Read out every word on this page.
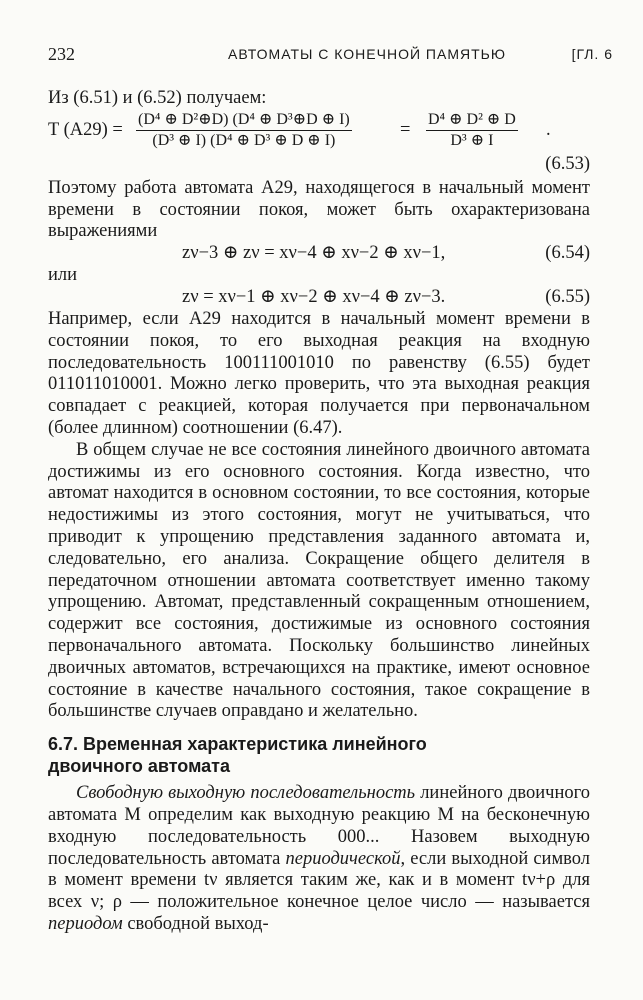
232	АВТОМАТЫ С КОНЕЧНОЙ ПАМЯТЬЮ	[ГЛ. 6

Из (6.51) и (6.52) получаем:

T $(A29) = \frac{\text{(D⁴ ⊕ D²⊕D) (D⁴ ⊕ D³⊕D ⊕ I)}}{\text{(D³ ⊕ I) (D⁴ ⊕ D³ ⊕ D ⊕ I)}}$	= $\frac{\text{D⁴ ⊕ D² ⊕ D}}{\text{D³ ⊕ I}}$ .
(6.53)

Поэтому работа автомата A29, находящегося в начальный момент времени в состоянии покоя, может быть охарактеризована выражениями

zν−3 ⊕ zν = xν−4 ⊕ xν−2 ⊕ xν−1,	(6.54)

или

zν = xν−1 ⊕ xν−2 ⊕ xν−4 ⊕ zν−3.	(6.55)

Например, если A29 находится в начальный момент времени в состоянии покоя, то его выходная реакция на входную последовательность 100111001010 по равенству (6.55) будет 011011010001. Можно легко проверить, что эта выходная реакция совпадает с реакцией, которая получается при первоначальном (более длинном) соотношении (6.47).

В общем случае не все состояния линейного двоичного автомата достижимы из его основного состояния. Когда известно, что автомат находится в основном состоянии, то все состояния, которые недостижимы из этого состояния, могут не учитываться, что приводит к упрощению представления заданного автомата и, следовательно, его анализа. Сокращение общего делителя в передаточном отношении автомата соответствует именно такому упрощению. Автомат, представленный сокращенным отношением, содержит все состояния, достижимые из основного состояния первоначального автомата. Поскольку большинство линейных двоичных автоматов, встречающихся на практике, имеют основное состояние в качестве начального состояния, такое сокращение в большинстве случаев оправдано и желательно.

6.7. Временная характеристика линейного

двоичного автомата

Свободную выходную последовательность линейного двоичного автомата M определим как выходную реакцию M на бесконечную входную последовательность 000... Назовем выходную последовательность автомата периодической, если выходной символ в момент времени tν является таким же, как и в момент tν+ρ для всех ν; ρ — положительное конечное целое число — называется периодом свободной выход-
